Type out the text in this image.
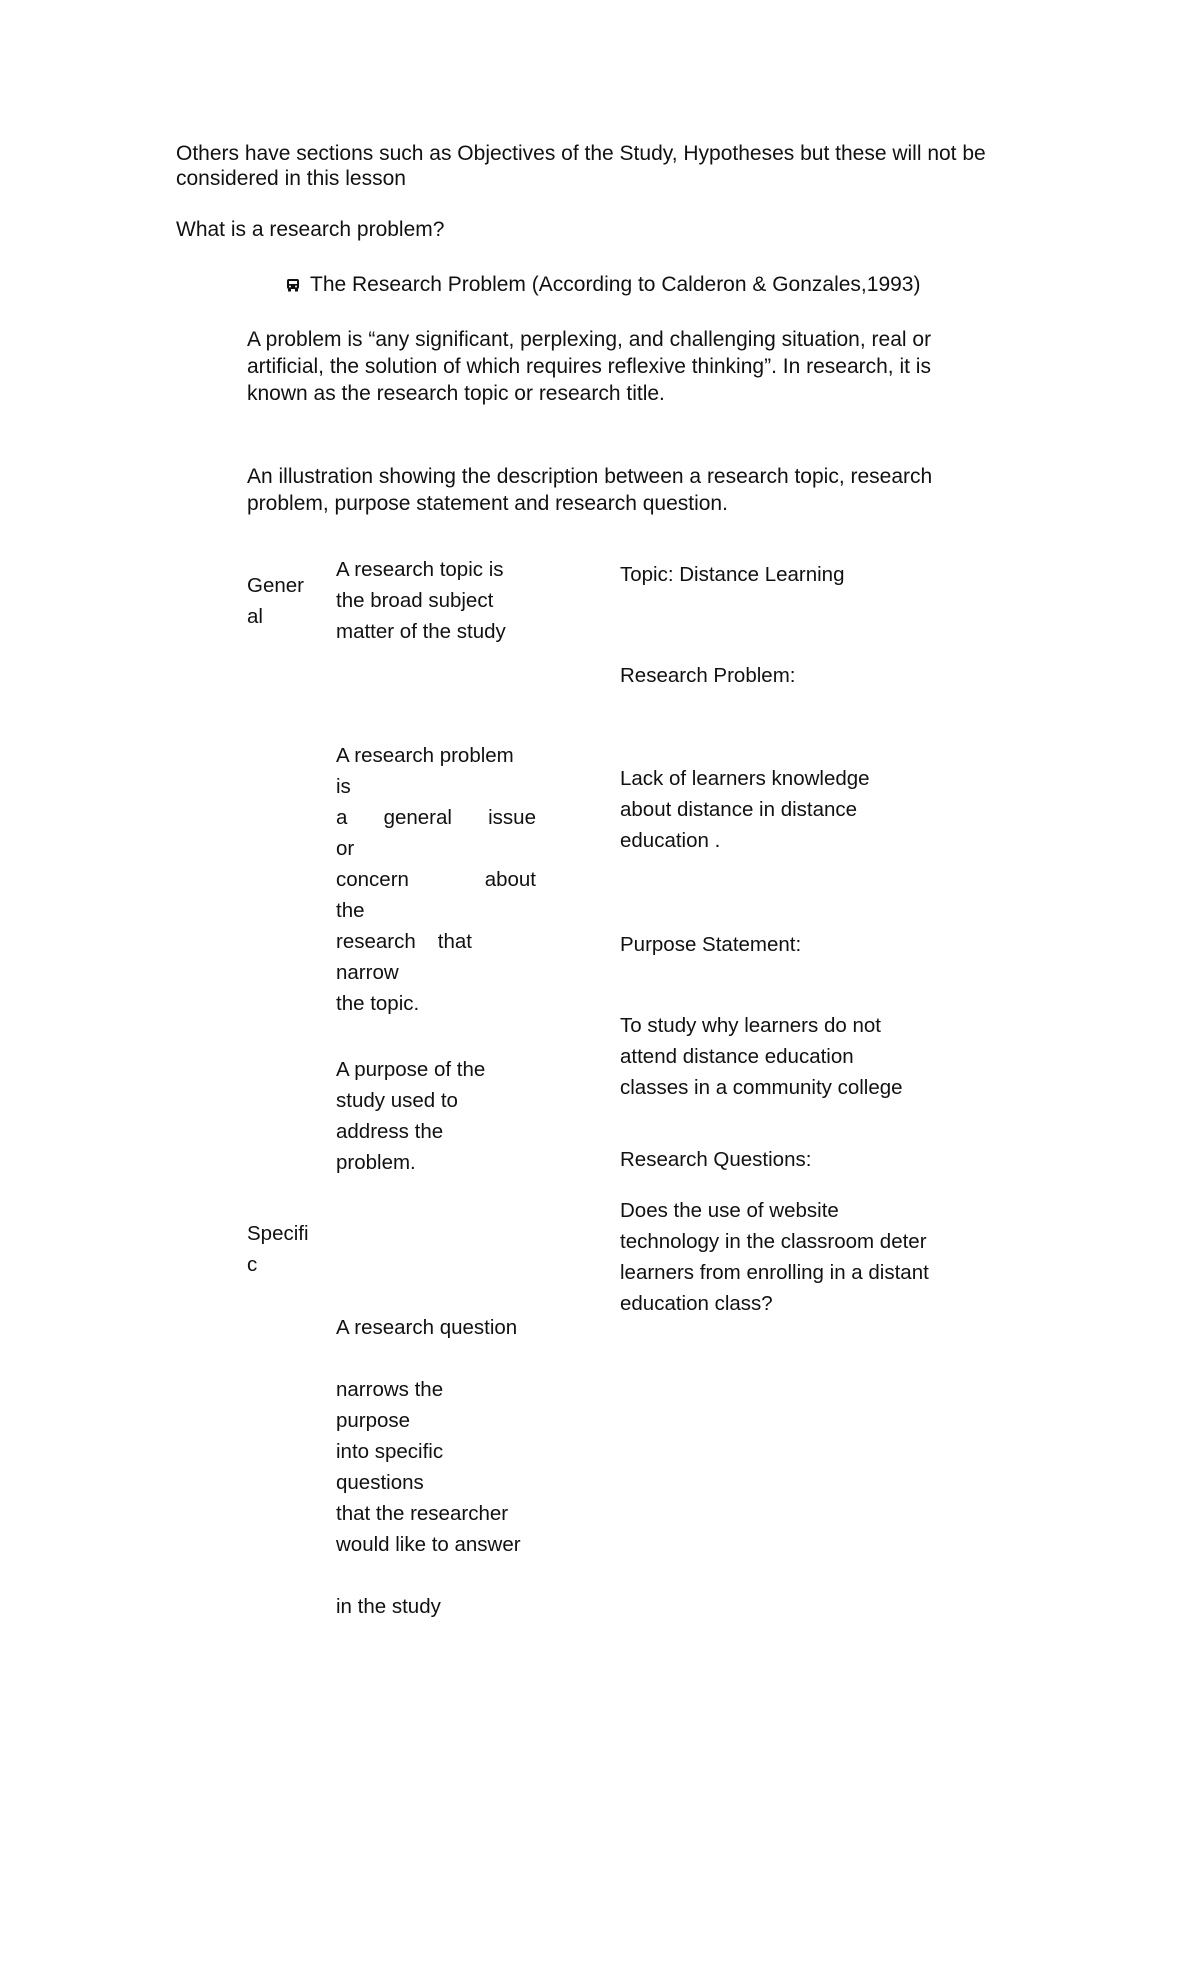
Others have sections such as Objectives of the Study, Hypotheses but these will not be considered in this lesson

What is a research problem?

The Research Problem (According to Calderon & Gonzales,1993)

A problem is “any significant, perplexing, and challenging situation, real or artificial, the solution of which requires reflexive thinking”. In research, it is known as the research topic or research title.

An illustration showing the description between a research topic, research problem, purpose statement and research question.

Gener
al
Specifi
c
A research topic is
the broad subject
matter of the study
A research problem
is
a general issue
or
concern about
the
research that
narrow
the topic.
A purpose of the
study used to
address the
problem.
A research question
narrows the
purpose
into specific
questions
that the researcher
would like to answer
in the study
Topic: Distance Learning
Research Problem:
Lack of learners knowledge
about distance in distance
education .
Purpose Statement:
To study why learners do not
attend distance education
classes in a community college
Research Questions:
Does the use of website
technology in the classroom deter
learners from enrolling in a distant
education class?
